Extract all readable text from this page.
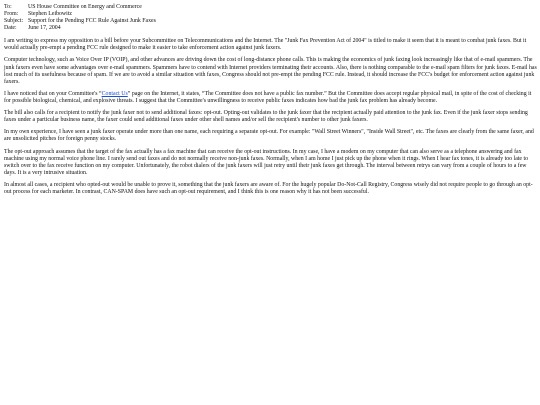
To:	US House Committee on Energy and Commerce
From:	Stephen Leibowitz
Subject: Support for the Pending FCC Rule Against Junk Faxes
Date:	June 17, 2004

I am writing to express my opposition to a bill before your Subcommittee on Telecommunications and the Internet. The "Junk Fax Prevention Act of 2004" is titled to make it seem that it is meant to combat junk faxes. But it would actually pre-empt a pending FCC rule designed to make it easier to take enforcement action against junk faxers.

Computer technology, such as Voice Over IP (VOIP), and other advances are driving down the cost of long-distance phone calls. This is making the economics of junk faxing look increasingly like that of e-mail spammers. The junk faxers even have some advantages over e-mail spammers. Spammers have to contend with Internet providers terminating their accounts. Also, there is nothing comparable to the e-mail spam filters for junk faxes. E-mail has lost much of its usefulness because of spam. If we are to avoid a similar situation with faxes, Congress should not pre-empt the pending FCC rule. Instead, it should increase the FCC's budget for enforcement action against junk faxers.

I have noticed that on your Committee's “Contact Us” page on the Internet, it states, “The Committee does not have a public fax number.” But the Committee does accept regular physical mail, in spite of the cost of checking it for possible biological, chemical, and explosive threats. I suggest that the Committee's unwillingness to receive public faxes indicates how bad the junk fax problem has already become.

The bill also calls for a recipient to notify the junk faxer not to send additional faxes: opt-out. Opting-out validates to the junk faxer that the recipient actually paid attention to the junk fax. Even if the junk faxer stops sending faxes under a particular business name, the faxer could send additional faxes under other shell names and/or sell the recipient's number to other junk faxers.

In my own experience, I have seen a junk faxer operate under more than one name, each requiring a separate opt-out. For example: "Wall Street Winners", "Inside Wall Street", etc. The faxes are clearly from the same faxer, and are unsolicited pitches for foreign penny stocks.

The opt-out approach assumes that the target of the fax actually has a fax machine that can receive the opt-out instructions. In my case, I have a modem on my computer that can also serve as a telephone answering and fax machine using my normal voice phone line. I rarely send out faxes and do not normally receive non-junk faxes. Normally, when I am home I just pick up the phone when it rings. When I hear fax tones, it is already too late to switch over to the fax receive function on my computer. Unfortunately, the robot dialers of the junk faxers will just retry until their junk faxes get through. The interval between retrys can vary from a couple of hours to a few days. It is a very intrusive situation.

In almost all cases, a recipient who opted-out would be unable to prove it, something that the junk faxers are aware of. For the hugely popular Do-Not-Call Registry, Congress wisely did not require people to go through an opt-out process for each marketer. In contrast, CAN-SPAM does have such an opt-out requirement, and I think this is one reason why it has not been successful.
